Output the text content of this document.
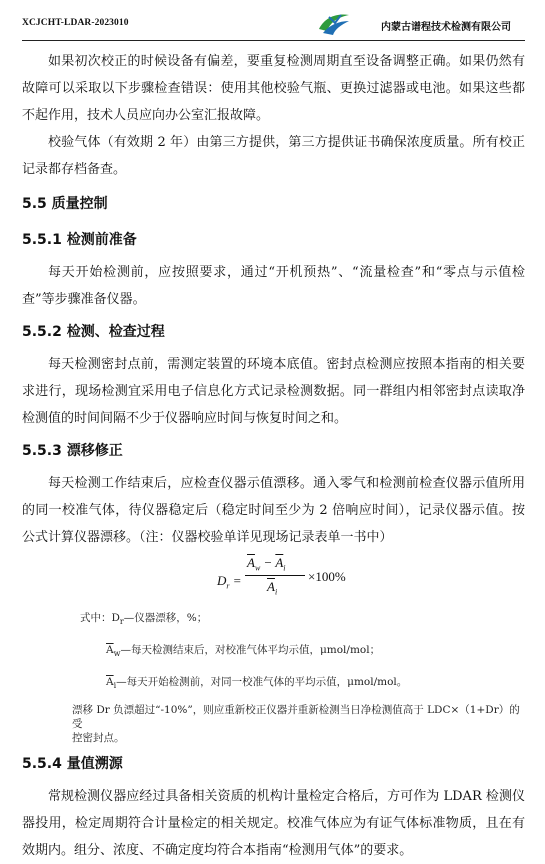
XCJCHT-LDAR-2023010	内蒙古谱程技术检测有限公司

如果初次校正的时候设备有偏差，要重复检测周期直至设备调整正确。如果仍然有故障可以采取以下步骤检查错误：使用其他校验气瓶、更换过滤器或电池。如果这些都不起作用，技术人员应向办公室汇报故障。

校验气体（有效期 2 年）由第三方提供，第三方提供证书确保浓度质量。所有校正记录都存档备查。

5.5 质量控制
5.5.1 检测前准备

每天开始检测前，应按照要求，通过“开机预热”、“流量检查”和“零点与示值检查”等步骤准备仪器。

5.5.2 检测、检查过程

每天检测密封点前，需测定装置的环境本底值。密封点检测应按照本指南的相关要求进行，现场检测宜采用电子信息化方式记录检测数据。同一群组内相邻密封点读取净检测值的时间间隔不少于仪器响应时间与恢复时间之和。

5.5.3 漂移修正

每天检测工作结束后，应检查仪器示值漂移。通入零气和检测前检查仪器示值所用的同一校准气体，待仪器稳定后（稳定时间至少为 2 倍响应时间），记录仪器示值。按公式计算仪器漂移。（注：仪器校验单详见现场记录表单一书中）

$D_r$ =
$\overline{A}_w - \overline{A}_i$
$\overline{A}_i$
×100%
式中：$D_r—$仪器漂移，%；
$\overline{A}_w—$每天检测结束后，对校准气体平均示值，μmol/mol；
$\overline{A}_i—$每天开始检测前，对同一校准气体的平均示值，μmol/mol。
漂移 Dr 负漂超过“-10%”，则应重新校正仪器并重新检测当日净检测值高于 LDC×（1+Dr）的受
控密封点。
5.5.4 量值溯源

常规检测仪器应经过具备相关资质的机构计量检定合格后，方可作为 LDAR 检测仪器投用，检定周期符合计量检定的相关规定。校准气体应为有证气体标准物质，且在有效期内。组分、浓度、不确定度均符合本指南“检测用气体”的要求。
